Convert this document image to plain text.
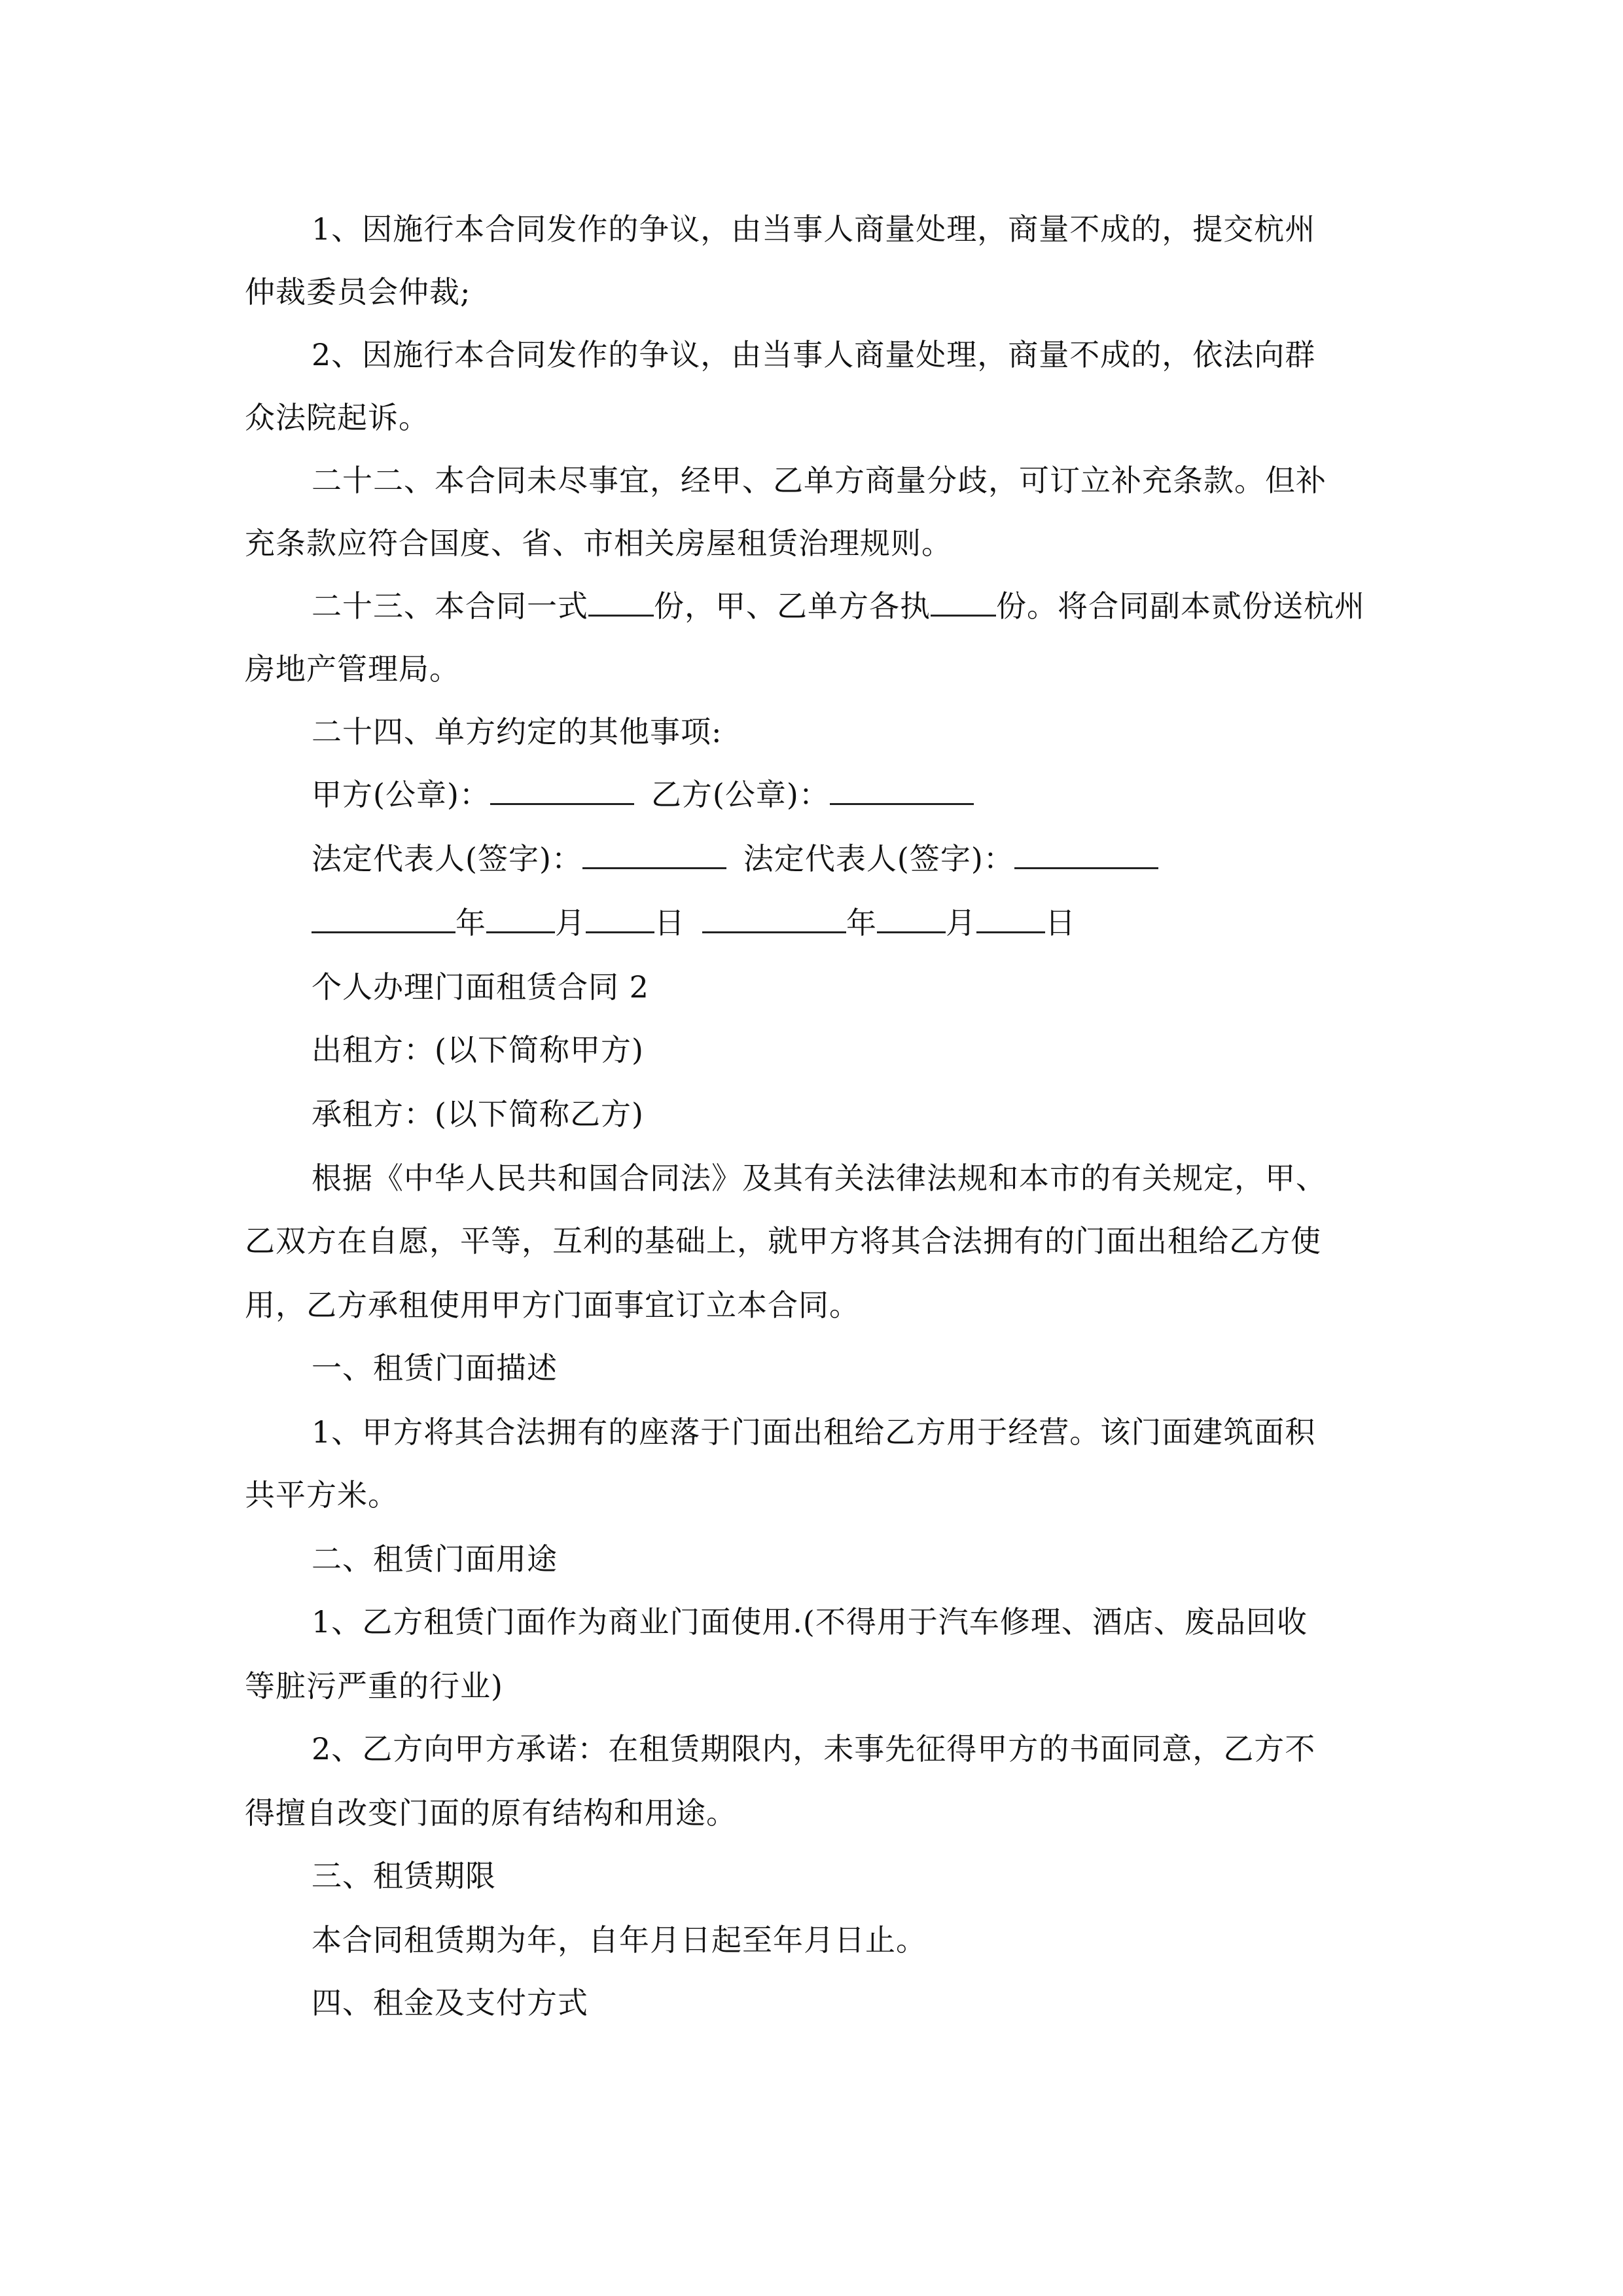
1、因施行本合同发作的争议，由当事人商量处理，商量不成的，提交杭州
仲裁委员会仲裁;
2、因施行本合同发作的争议，由当事人商量处理，商量不成的，依法向群
众法院起诉。
二十二、本合同未尽事宜，经甲、乙单方商量分歧，可订立补充条款。但补
充条款应符合国度、省、市相关房屋租赁治理规则。
二十三、本合同一式 份，甲、乙单方各执 份。将合同副本贰份送杭州
房地产管理局。
二十四、单方约定的其他事项:
甲方(公章)：	乙方(公章)：
法定代表人(签字)：	法定代表人(签字)：
年 月 日	年 月 日
个人办理门面租赁合同 2
出租方：(以下简称甲方)
承租方：(以下简称乙方)
根据《中华人民共和国合同法》及其有关法律法规和本市的有关规定，甲、
乙双方在自愿，平等，互利的基础上，就甲方将其合法拥有的门面出租给乙方使
用，乙方承租使用甲方门面事宜订立本合同。
一、租赁门面描述
1、甲方将其合法拥有的座落于门面出租给乙方用于经营。该门面建筑面积
共平方米。
二、租赁门面用途
1、乙方租赁门面作为商业门面使用.(不得用于汽车修理、酒店、废品回收
等脏污严重的行业)
2、乙方向甲方承诺：在租赁期限内，未事先征得甲方的书面同意，乙方不
得擅自改变门面的原有结构和用途。
三、租赁期限
本合同租赁期为年，自年月日起至年月日止。
四、租金及支付方式
